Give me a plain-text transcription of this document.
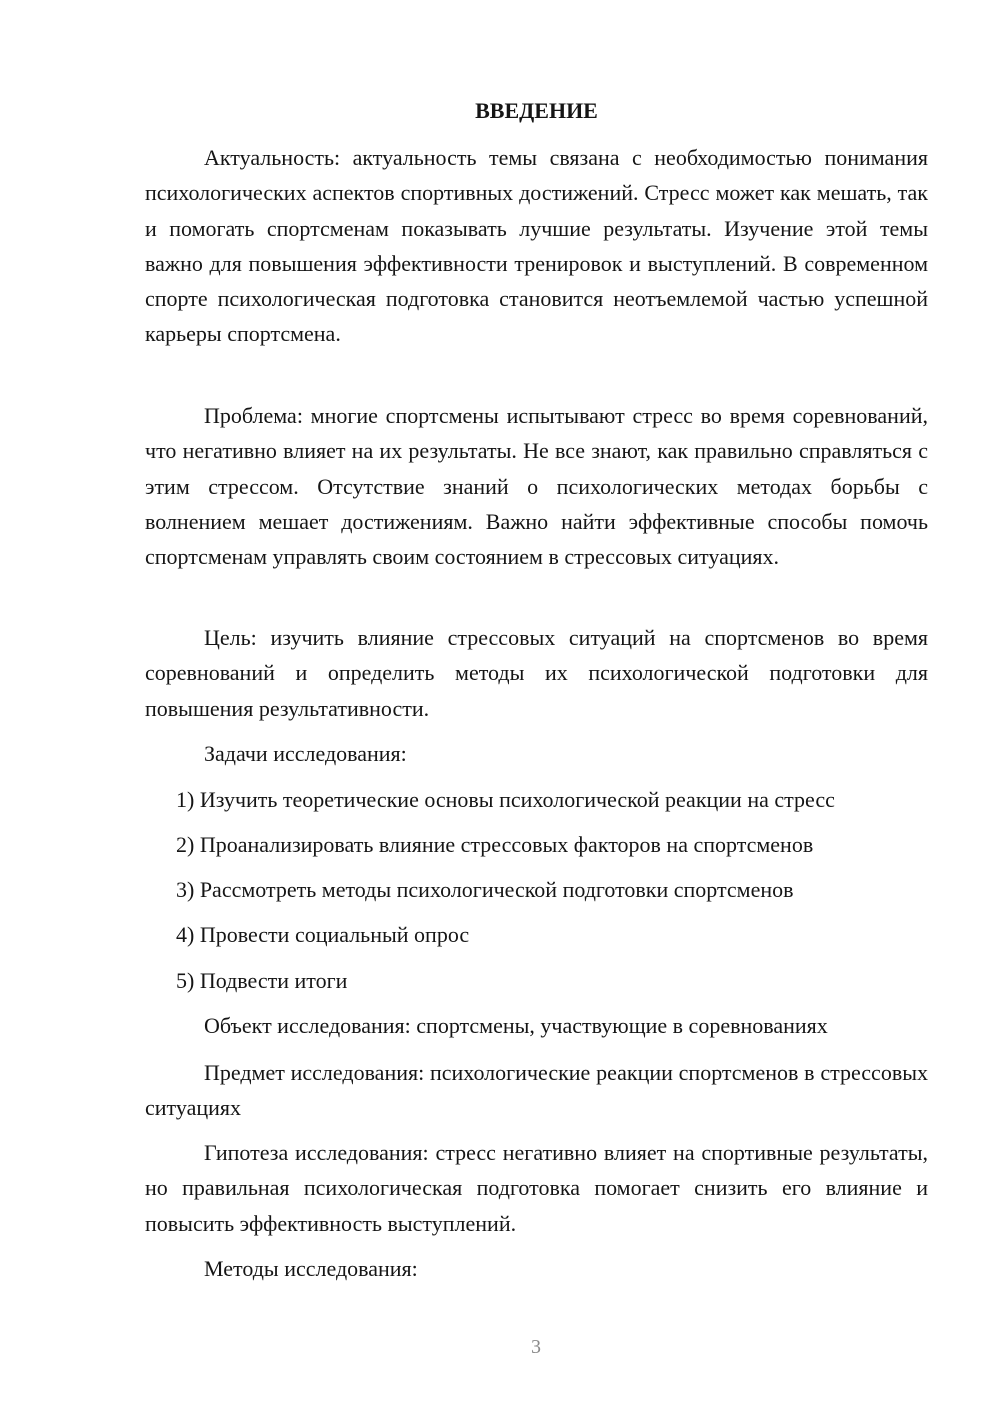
ВВЕДЕНИЕ

Актуальность: актуальность темы связана с необходимостью понимания психологических аспектов спортивных достижений. Стресс может как мешать, так и помогать спортсменам показывать лучшие результаты. Изучение этой темы важно для повышения эффективности тренировок и выступлений. В современном спорте психологическая подготовка становится неотъемлемой частью успешной карьеры спортсмена.

Проблема: многие спортсмены испытывают стресс во время соревнований, что негативно влияет на их результаты. Не все знают, как правильно справляться с этим стрессом. Отсутствие знаний о психологических методах борьбы с волнением мешает достижениям. Важно найти эффективные способы помочь спортсменам управлять своим состоянием в стрессовых ситуациях.

Цель: изучить влияние стрессовых ситуаций на спортсменов во время соревнований и определить методы их психологической подготовки для повышения результативности.

Задачи исследования:

1) Изучить теоретические основы психологической реакции на стресс

2) Проанализировать влияние стрессовых факторов на спортсменов

3) Рассмотреть методы психологической подготовки спортсменов

4) Провести социальный опрос

5) Подвести итоги

Объект исследования: спортсмены, участвующие в соревнованиях

Предмет исследования: психологические реакции спортсменов в стрессовых ситуациях

Гипотеза исследования: стресс негативно влияет на спортивные результаты, но правильная психологическая подготовка помогает снизить его влияние и повысить эффективность выступлений.

Методы исследования:

3
